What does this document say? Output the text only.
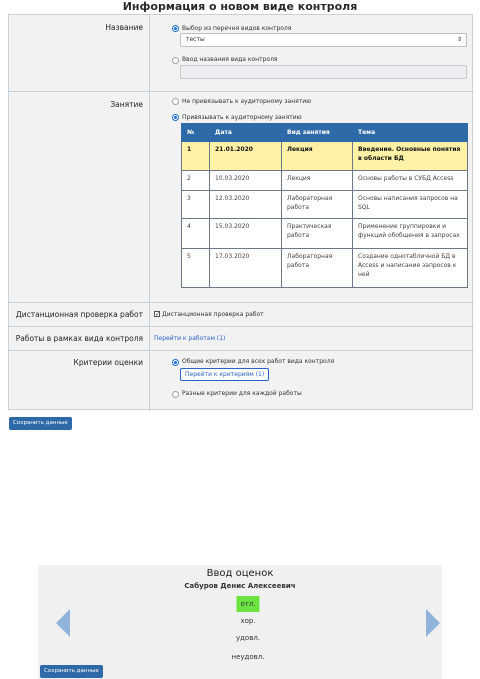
Информация о новом виде контроля
Название	Выбор из перечня видов контроля
тесты	⇕
Ввод названия вида контроля
Занятие	Не привязывать к аудиторному занятию
Привязывать к аудиторному занятию
№	Дата	Вид занятия	Тема
1	21.01.2020	Лекция	Введение. Основные понятия в области БД
2	10.03.2020	Лекция	Основы работы в СУБД Access
3	12.03.2020	Лабораторная работа	Основы написания запросов на SQL
4	15.03.2020	Практическая работа	Применение группировки и функций обобщения в запросах
5	17.03.2020	Лабораторная работа	Создание однотабличной БД в Access и написание запросов к ней
Дистанционная проверка работ	✓ Дистанционная проверка работ
Работы в рамках вида контроля	Перейти к работам (1)
Критерии оценки	Общие критерии для всех работ вида контроля
Перейти к критериям (1)
Разные критерии для каждой работы
Сохранить данные
Ввод оценок
Сабуров Денис Алексеевич
отл.
хор.
удовл.
неудовл.
Сохранить данные
